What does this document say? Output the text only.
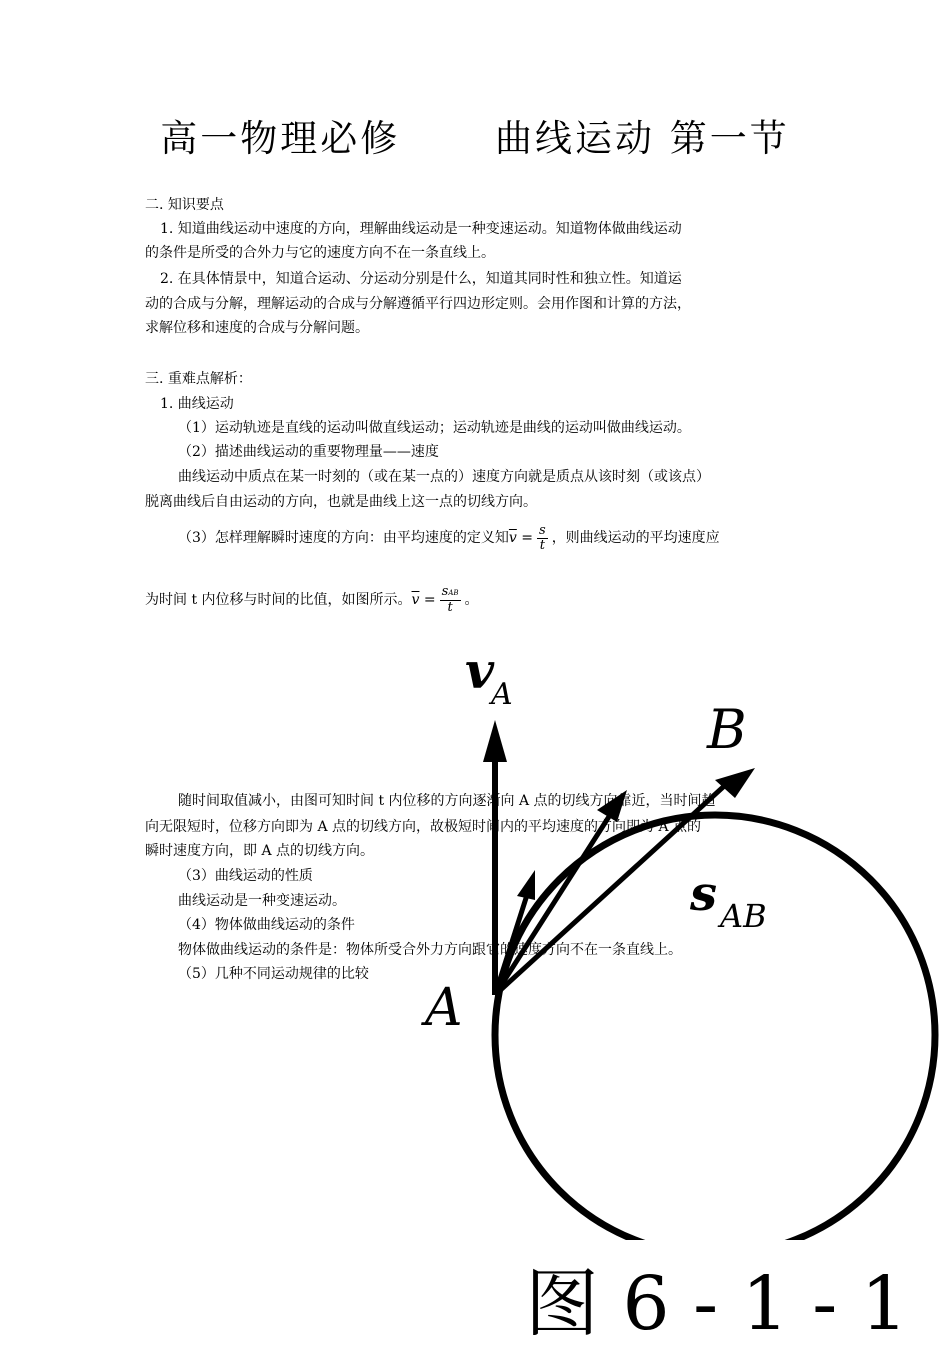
高一物理必修 　　曲线运动 第一节
二. 知识要点
1. 知道曲线运动中速度的方向，理解曲线运动是一种变速运动。知道物体做曲线运动
的条件是所受的合外力与它的速度方向不在一条直线上。
2. 在具体情景中，知道合运动、分运动分别是什么，知道其同时性和独立性。知道运
动的合成与分解，理解运动的合成与分解遵循平行四边形定则。会用作图和计算的方法，
求解位移和速度的合成与分解问题。
三. 重难点解析：
1. 曲线运动
（1）运动轨迹是直线的运动叫做直线运动；运动轨迹是曲线的运动叫做曲线运动。
（2）描述曲线运动的重要物理量——速度
曲线运动中质点在某一时刻的（或在某一点的）速度方向就是质点从该时刻（或该点）
脱离曲线后自由运动的方向，也就是曲线上这一点的切线方向。
（3）怎样理解瞬时速度的方向：由平均速度的定义知$\overline{v} = \frac{s}{t}$ ，则曲线运动的平均速度应
为时间 t 内位移与时间的比值，如图所示。$\overline{v} = \frac{\text{sAB}}{t}$ 。
v
A
B
s AB
A
随时间取值减小，由图可知时间 t 内位移的方向逐渐向 A 点的切线方向靠近，当时间趋
向无限短时，位移方向即为 A 点的切线方向，故极短时间内的平均速度的方向即为 A 点的
瞬时速度方向，即 A 点的切线方向。
（3）曲线运动的性质
曲线运动是一种变速运动。
（4）物体做曲线运动的条件
物体做曲线运动的条件是：物体所受合外力方向跟它的速度方向不在一条直线上。
（5）几种不同运动规律的比较
图 6 - 1 - 1
